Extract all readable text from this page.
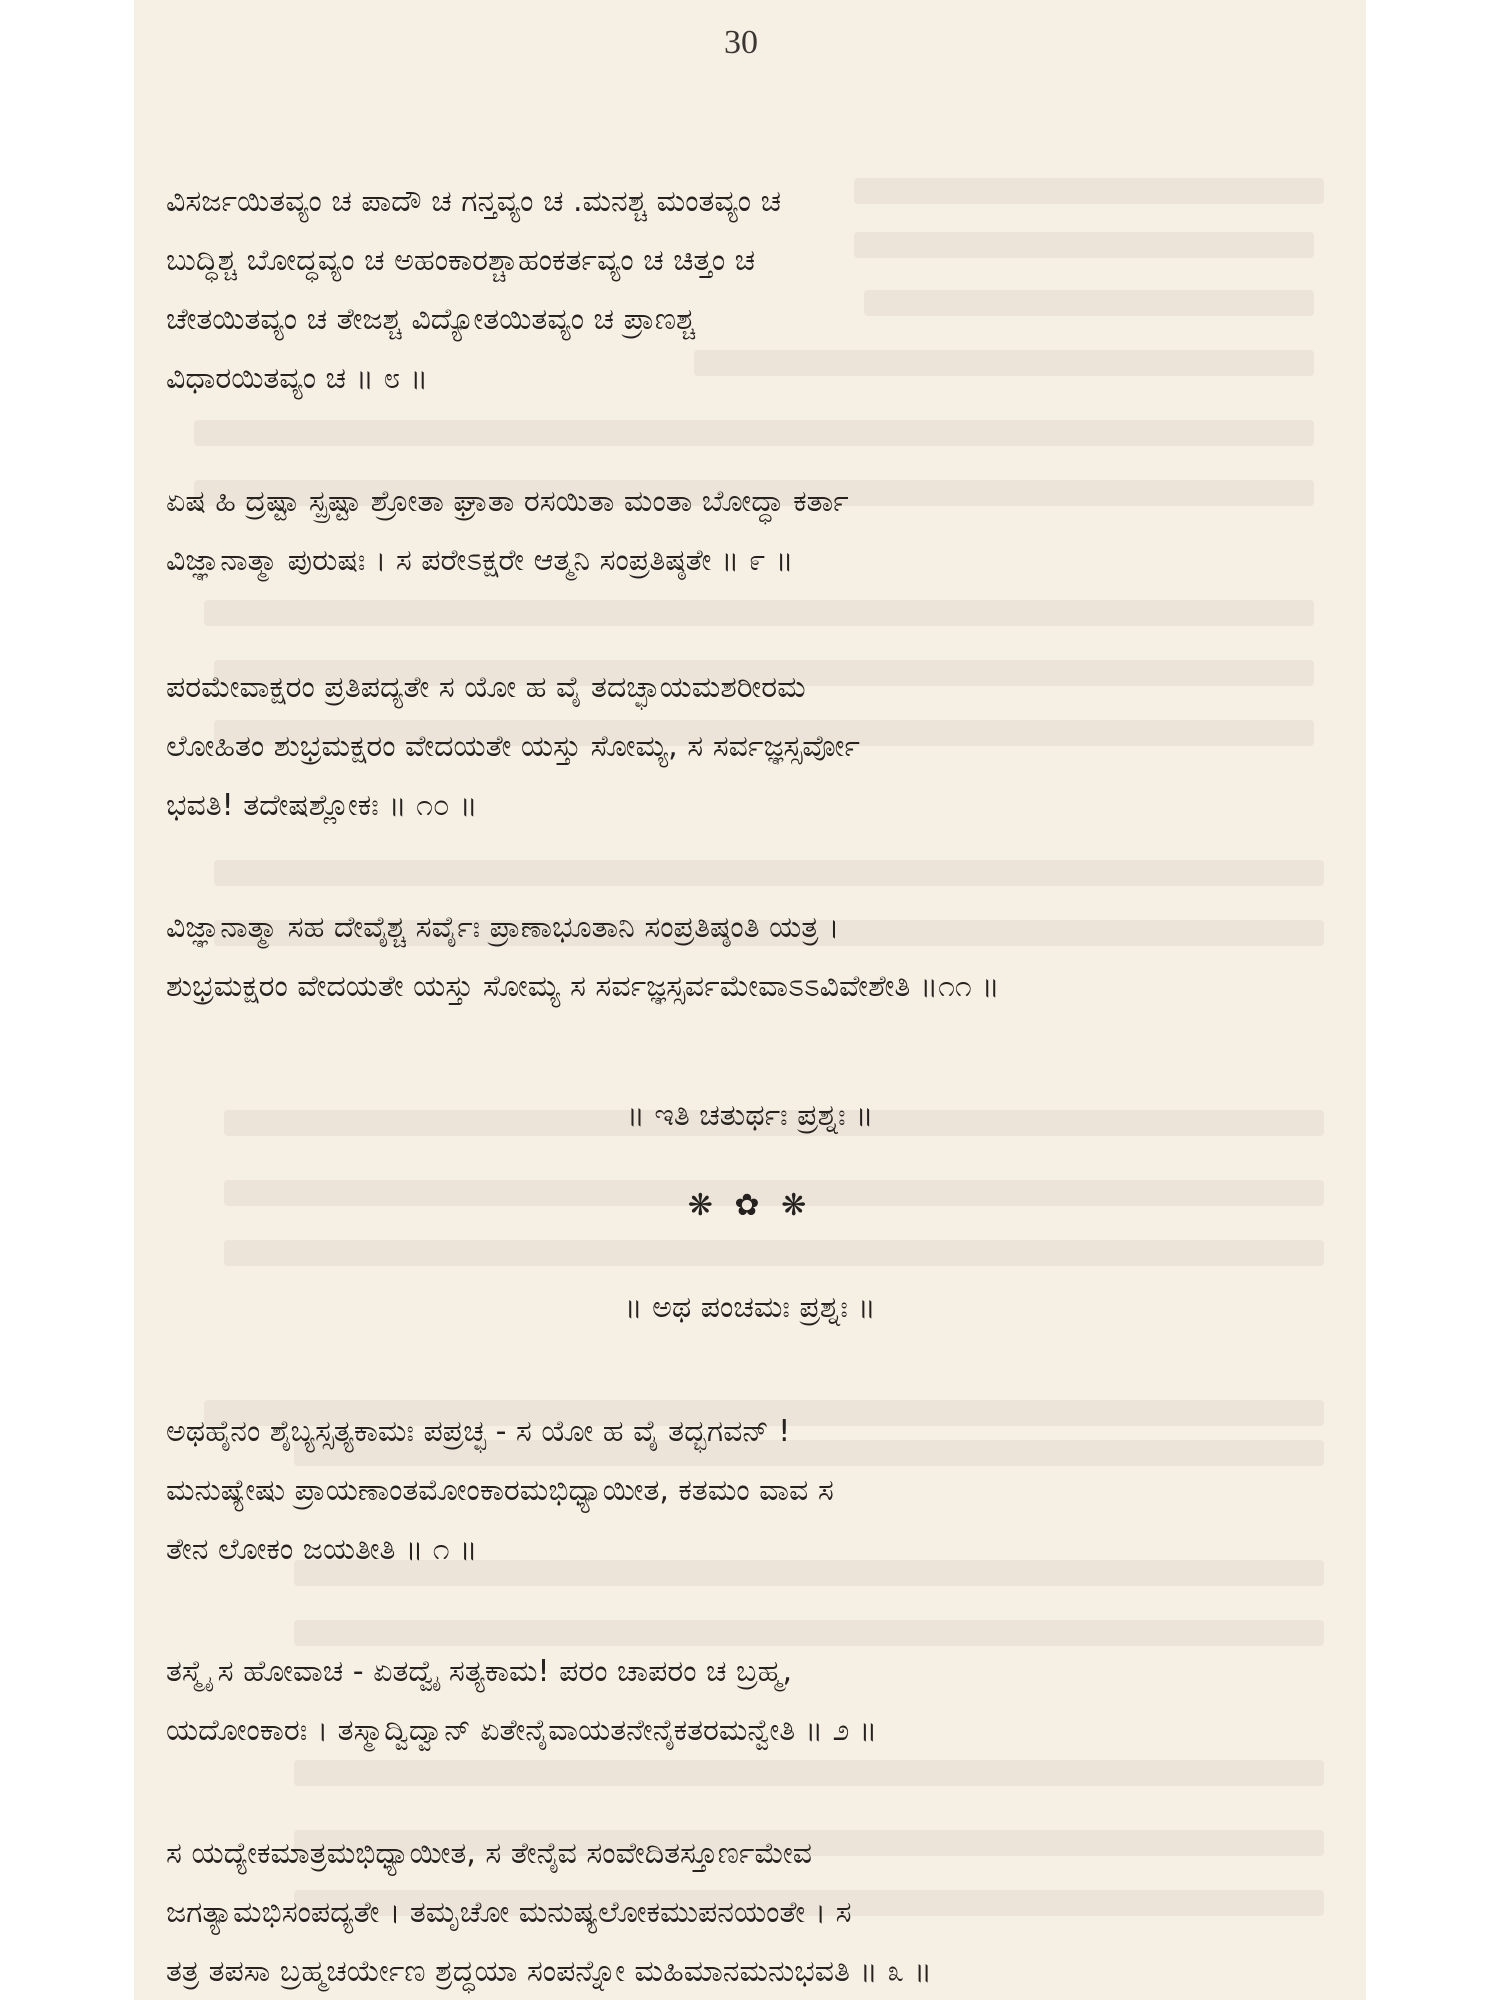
30
ವಿಸರ್ಜಯಿತವ್ಯಂ ಚ ಪಾದೌ ಚ ಗನ್ತವ್ಯಂ ಚ .ಮನಶ್ಚ ಮಂತವ್ಯಂ ಚ
ಬುದ್ಧಿಶ್ಚ ಬೋದ್ಧವ್ಯಂ ಚ ಅಹಂಕಾರಶ್ಚಾಹಂಕರ್ತವ್ಯಂ ಚ ಚಿತ್ತಂ ಚ
ಚೇತಯಿತವ್ಯಂ ಚ ತೇಜಶ್ಚ ವಿದ್ಯೋತಯಿತವ್ಯಂ ಚ ಪ್ರಾಣಶ್ಚ
ವಿಧಾರಯಿತವ್ಯಂ ಚ ॥ ೮ ॥
ಏಷ ಹಿ ದ್ರಷ್ಟಾ ಸ್ಪ್ರಷ್ಟಾ ಶ್ರೋತಾ ಘ್ರಾತಾ ರಸಯಿತಾ ಮಂತಾ ಬೋದ್ಧಾ ಕರ್ತಾ
ವಿಜ್ಞಾನಾತ್ಮಾ ಪುರುಷಃ । ಸ ಪರೇಽಕ್ಷರೇ ಆತ್ಮನಿ ಸಂಪ್ರತಿಷ್ಠತೇ ॥ ೯ ॥
ಪರಮೇವಾಕ್ಷರಂ ಪ್ರತಿಪದ್ಯತೇ ಸ ಯೋ ಹ ವೈ ತದಚ್ಛಾಯಮಶರೀರಮ
ಲೋಹಿತಂ ಶುಭ್ರಮಕ್ಷರಂ ವೇದಯತೇ ಯಸ್ತು ಸೋಮ್ಯ, ಸ ಸರ್ವಜ್ಞಸ್ಸರ್ವೋ
ಭವತಿ! ತದೇಷಶ್ಲೋಕಃ ॥ ೧೦ ॥
ವಿಜ್ಞಾನಾತ್ಮಾ ಸಹ ದೇವೈಶ್ಚ ಸರ್ವೈಃ ಪ್ರಾಣಾಭೂತಾನಿ ಸಂಪ್ರತಿಷ್ಠಂತಿ ಯತ್ರ ।
ಶುಭ್ರಮಕ್ಷರಂ ವೇದಯತೇ ಯಸ್ತು ಸೋಮ್ಯ ಸ ಸರ್ವಜ್ಞಸ್ಸರ್ವಮೇವಾಽಽವಿವೇಶೇತಿ ॥೧೧ ॥
॥ ಇತಿ ಚತುರ್ಥಃ ಪ್ರಶ್ನಃ ॥
❋ ✿ ❋
॥ ಅಥ ಪಂಚಮಃ ಪ್ರಶ್ನಃ ॥
ಅಥಹೈನಂ ಶೈಬ್ಯಸ್ಸತ್ಯಕಾಮಃ ಪಪ್ರಚ್ಛ - ಸ ಯೋ ಹ ವೈ ತದ್ಭಗವನ್ !
ಮನುಷ್ಯೇಷು ಪ್ರಾಯಣಾಂತಮೋಂಕಾರಮಭಿಧ್ಯಾಯೀತ, ಕತಮಂ ವಾವ ಸ
ತೇನ ಲೋಕಂ ಜಯತೀತಿ ॥ ೧ ॥
ತಸ್ಮೈ ಸ ಹೋವಾಚ - ಏತದ್ವೈ ಸತ್ಯಕಾಮ! ಪರಂ ಚಾಪರಂ ಚ ಬ್ರಹ್ಮ,
ಯದೋಂಕಾರಃ । ತಸ್ಮಾದ್ವಿದ್ವಾನ್ ಏತೇನೈವಾಯತನೇನೈಕತರಮನ್ವೇತಿ ॥ ೨ ॥
ಸ ಯದ್ಯೇಕಮಾತ್ರಮಭಿಧ್ಯಾಯೀತ, ಸ ತೇನೈವ ಸಂವೇದಿತಸ್ತೂರ್ಣಮೇವ
ಜಗತ್ಯಾಮಭಿಸಂಪದ್ಯತೇ । ತಮೃಚೋ ಮನುಷ್ಯಲೋಕಮುಪನಯಂತೇ । ಸ
ತತ್ರ ತಪಸಾ ಬ್ರಹ್ಮಚರ್ಯೇಣ ಶ್ರದ್ಧಯಾ ಸಂಪನ್ನೋ ಮಹಿಮಾನಮನುಭವತಿ ॥ ೩ ॥
